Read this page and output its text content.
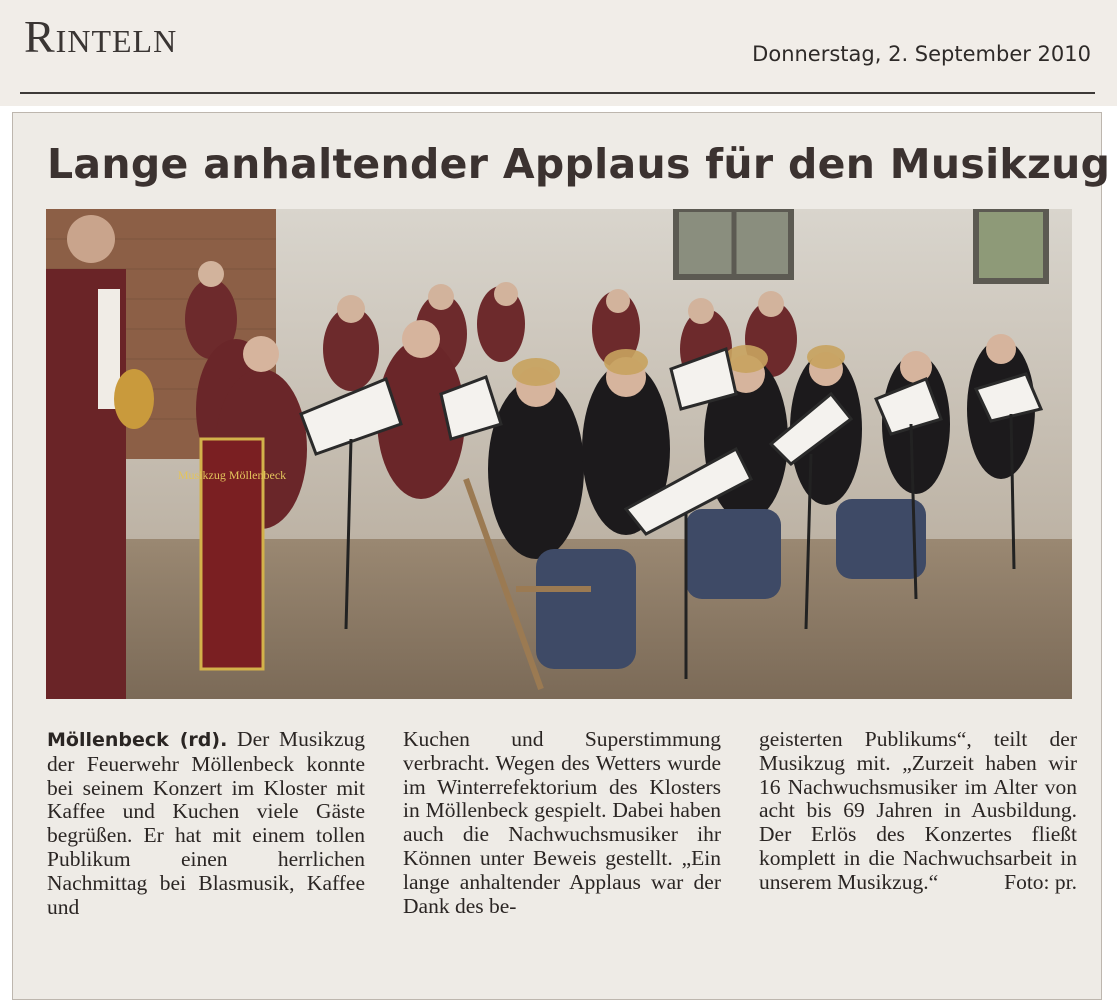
Rinteln	Donnerstag, 2. September 2010
Lange anhaltender Applaus für den Musikzug
Musikzug Möllenbeck

Möllenbeck (rd). Der Musikzug der Feuerwehr Möllenbeck konnte bei seinem Konzert im Kloster mit Kaffee und Kuchen viele Gäste begrüßen. Er hat mit einem tollen Publikum einen herrlichen Nachmittag bei Blasmusik, Kaffee und

Kuchen und Superstimmung verbracht. Wegen des Wetters wurde im Winterrefektorium des Klosters in Möllenbeck gespielt. Dabei haben auch die Nachwuchsmusiker ihr Können unter Beweis gestellt. „Ein lange anhaltender Applaus war der Dank des be-

geisterten Publikums“, teilt der Musikzug mit. „Zurzeit haben wir 16 Nachwuchsmusiker im Alter von acht bis 69 Jahren in Ausbildung. Der Erlös des Konzertes fließt komplett in die Nachwuchsarbeit in unserem Musikzug.“	Foto: pr.
